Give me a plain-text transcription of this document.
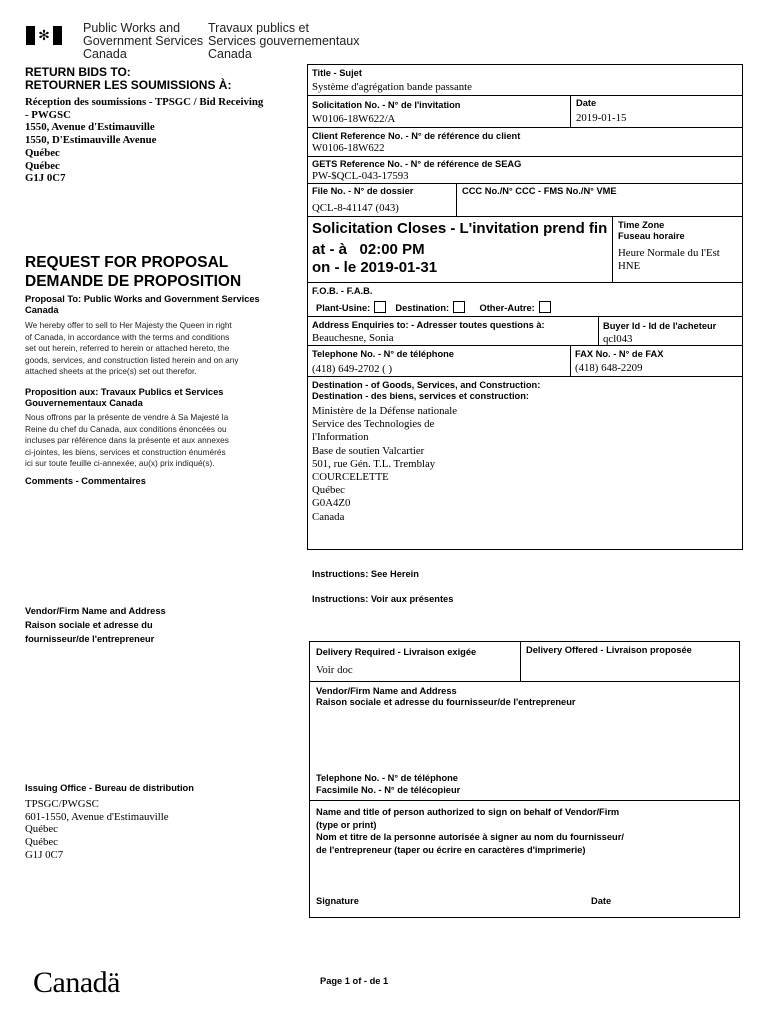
✻	Public Works and
Government Services
Canada
Travaux publics et
Services gouvernementaux
Canada
RETURN BIDS TO:
RETOURNER LES SOUMISSIONS À:
Réception des soumissions - TPSGC / Bid Receiving
- PWGSC
1550, Avenue d'Estimauville
1550, D'Estimauville Avenue
Québec
Québec
G1J 0C7
REQUEST FOR PROPOSAL
DEMANDE DE PROPOSITION
Proposal To: Public Works and Government Services Canada
We hereby offer to sell to Her Majesty the Queen in right
of Canada, in accordance with the terms and conditions
set out herein, referred to herein or attached hereto, the
goods, services, and construction listed herein and on any
attached sheets at the price(s) set out therefor.
Proposition aux: Travaux Publics et Services
Gouvernementaux Canada
Nous offrons par la présente de vendre à Sa Majesté la
Reine du chef du Canada, aux conditions énoncées ou
incluses par référence dans la présente et aux annexes
ci-jointes, les biens, services et construction énumérés
ici sur toute feuille ci-annexée, au(x) prix indiqué(s).
Comments - Commentaires
Vendor/Firm Name and Address
Raison sociale et adresse du
fournisseur/de l'entrepreneur
Issuing Office - Bureau de distribution
TPSGC/PWGSC
601-1550, Avenue d'Estimauville
Québec
Québec
G1J 0C7
Canadä
Title - Sujet
Système d'agrégation bande passante
Solicitation No. - N° de l'invitation
W0106-18W622/A
Date
2019-01-15
Client Reference No. - N° de référence du client
W0106-18W622
GETS Reference No. - N° de référence de SEAG
PW-$QCL-043-17593
File No. - N° de dossier
QCL-8-41147 (043)
CCC No./N° CCC - FMS No./N° VME
Solicitation Closes - L'invitation prend fin
at - à 02:00 PM
on - le 2019-01-31
Time Zone
Fuseau horaire
Heure Normale du l'Est
HNE
F.O.B. - F.A.B.
Plant-Usine:	Destination:	Other-Autre:
Address Enquiries to: - Adresser toutes questions à:
Beauchesne, Sonia
Buyer Id - Id de l'acheteur
qcl043
Telephone No. - N° de téléphone
(418) 649-2702 ( )
FAX No. - N° de FAX
(418) 648-2209
Destination - of Goods, Services, and Construction:
Destination - des biens, services et construction:
Ministère de la Défense nationale
Service des Technologies de
l'Information
Base de soutien Valcartier
501, rue Gén. T.L. Tremblay
COURCELETTE
Québec
G0A4Z0
Canada
Instructions: See Herein
Instructions: Voir aux présentes
Delivery Required - Livraison exigée
Voir doc
Delivery Offered - Livraison proposée
Vendor/Firm Name and Address
Raison sociale et adresse du fournisseur/de l'entrepreneur
Telephone No. - N° de téléphone
Facsimile No. - N° de télécopieur
Name and title of person authorized to sign on behalf of Vendor/Firm
(type or print)
Nom et titre de la personne autorisée à signer au nom du fournisseur/
de l'entrepreneur (taper ou écrire en caractères d'imprimerie)
Signature	Date
Page 1 of - de 1
